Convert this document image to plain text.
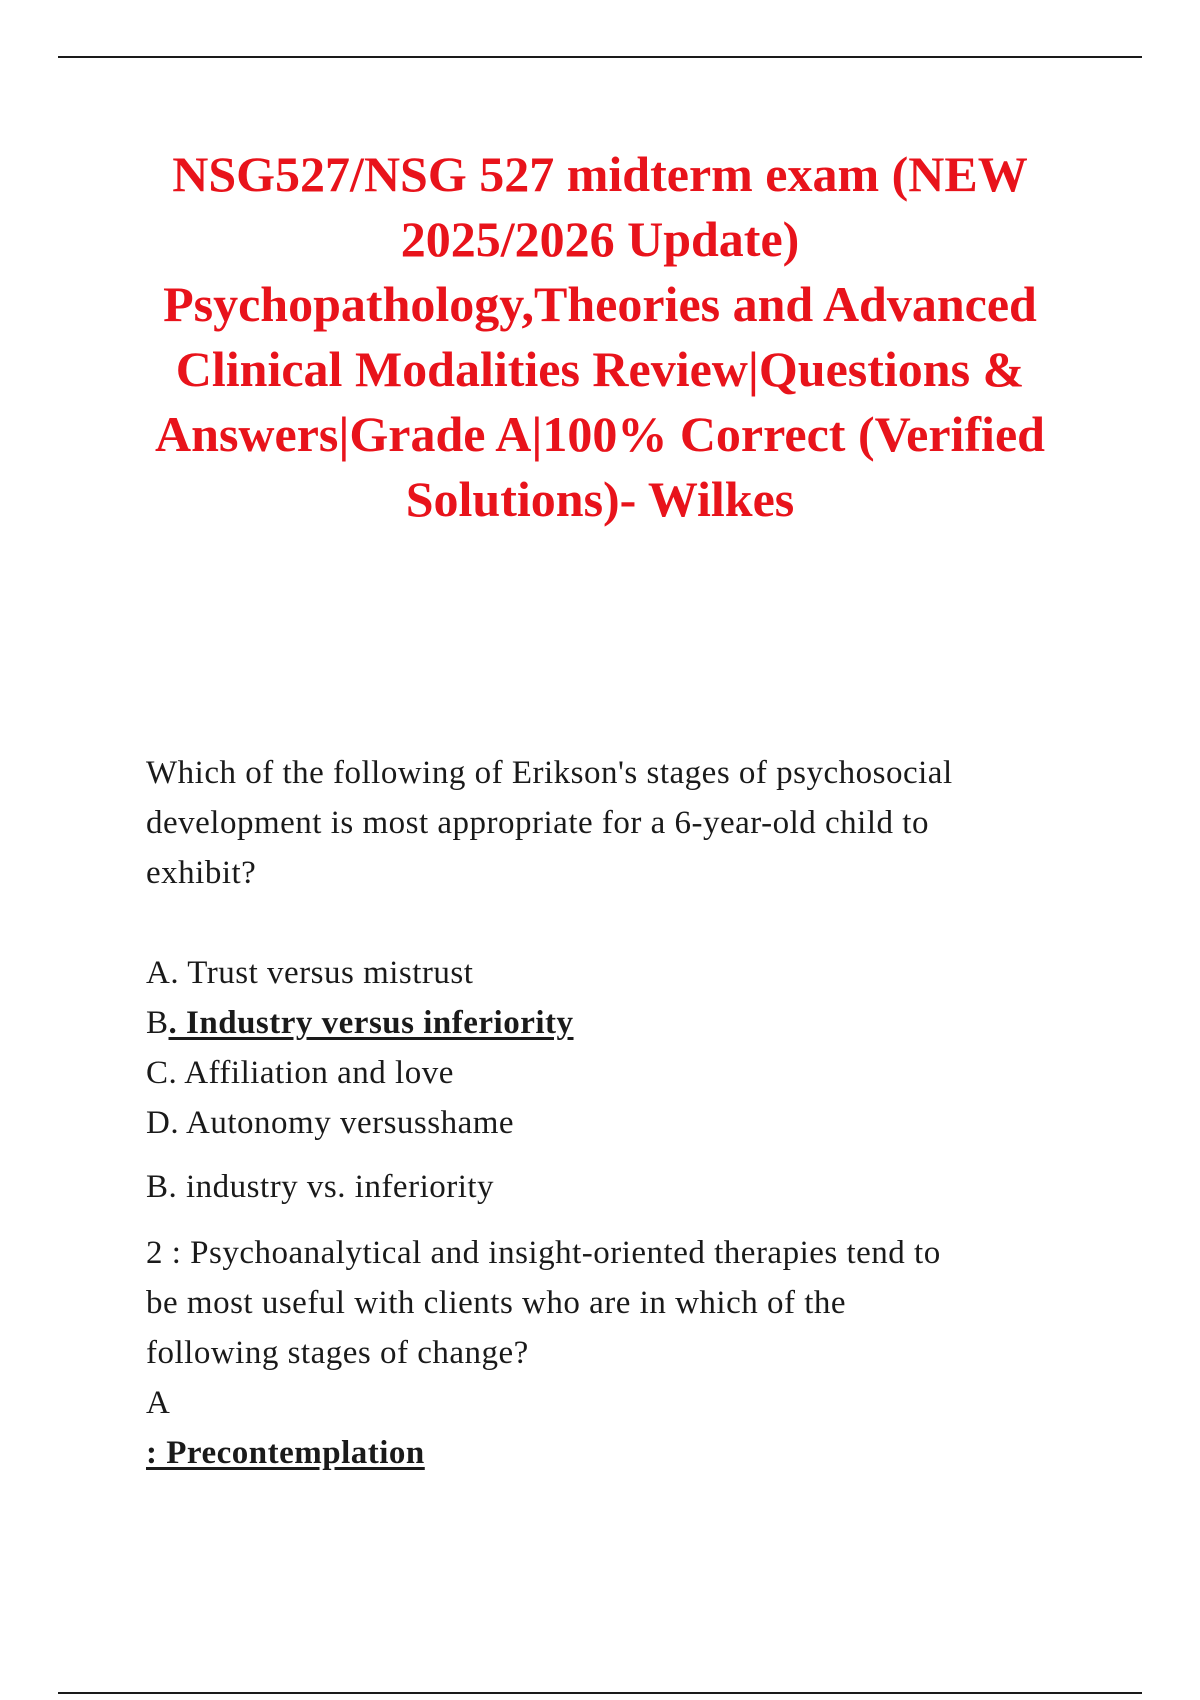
NSG527/NSG 527 midterm exam (NEW
2025/2026 Update)
Psychopathology,Theories and Advanced
Clinical Modalities Review|Questions &
Answers|Grade A|100% Correct (Verified
Solutions)- Wilkes

Which of the following of Erikson's stages of psychosocial
development is most appropriate for a 6-year-old child to
exhibit?

A. Trust versus mistrust
B. Industry versus inferiority
C. Affiliation and love
D. Autonomy versusshame

B. industry vs. inferiority

2 : Psychoanalytical and insight-oriented therapies tend to
be most useful with clients who are in which of the
following stages of change?
A
: Precontemplation
